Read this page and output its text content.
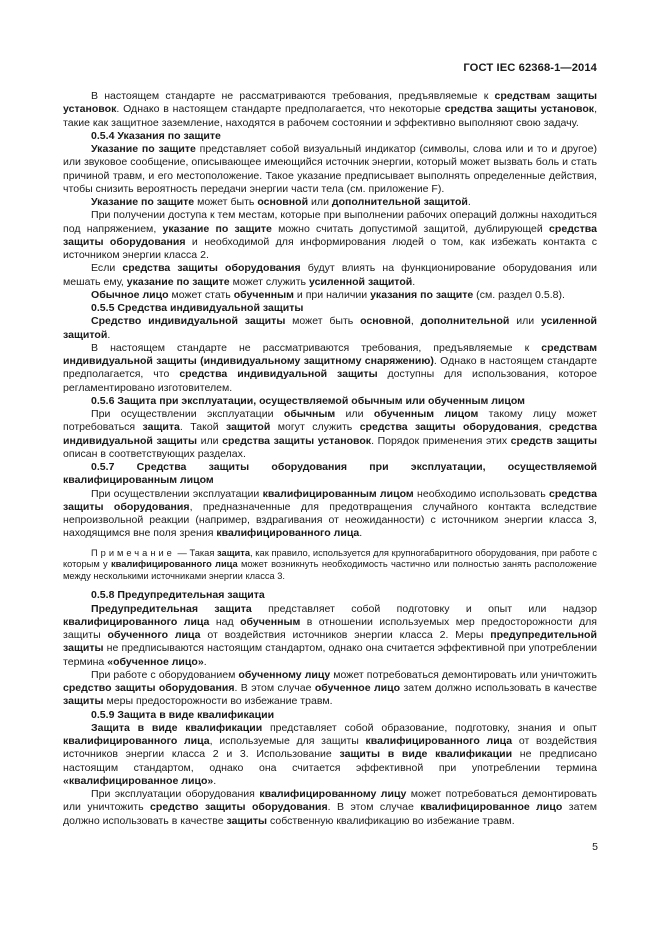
ГОСТ IEC 62368-1—2014

В настоящем стандарте не рассматриваются требования, предъявляемые к средствам защиты установок. Однако в настоящем стандарте предполагается, что некоторые средства защиты установок, такие как защитное заземление, находятся в рабочем состоянии и эффективно выполняют свою задачу.

0.5.4 Указания по защите

Указание по защите представляет собой визуальный индикатор (символы, слова или и то и другое) или звуковое сообщение, описывающее имеющийся источник энергии, который может вызвать боль и стать причиной травм, и его местоположение. Такое указание предписывает выполнять определенные действия, чтобы снизить вероятность передачи энергии части тела (см. приложение F).

Указание по защите может быть основной или дополнительной защитой.

При получении доступа к тем местам, которые при выполнении рабочих операций должны находиться под напряжением, указание по защите можно считать допустимой защитой, дублирующей средства защиты оборудования и необходимой для информирования людей о том, как избежать контакта с источником энергии класса 2.

Если средства защиты оборудования будут влиять на функционирование оборудования или мешать ему, указание по защите может служить усиленной защитой.

Обычное лицо может стать обученным и при наличии указания по защите (см. раздел 0.5.8).

0.5.5 Средства индивидуальной защиты

Средство индивидуальной защиты может быть основной, дополнительной или усиленной защитой.

В настоящем стандарте не рассматриваются требования, предъявляемые к средствам индивидуальной защиты (индивидуальному защитному снаряжению). Однако в настоящем стандарте предполагается, что средства индивидуальной защиты доступны для использования, которое регламентировано изготовителем.

0.5.6 Защита при эксплуатации, осуществляемой обычным или обученным лицом

При осуществлении эксплуатации обычным или обученным лицом такому лицу может потребоваться защита. Такой защитой могут служить средства защиты оборудования, средства индивидуальной защиты или средства защиты установок. Порядок применения этих средств защиты описан в соответствующих разделах.

0.5.7 Средства защиты оборудования при эксплуатации, осуществляемой квалифицированным лицом

При осуществлении эксплуатации квалифицированным лицом необходимо использовать средства защиты оборудования, предназначенные для предотвращения случайного контакта вследствие непроизвольной реакции (например, вздрагивания от неожиданности) с источником энергии класса 3, находящимся вне поля зрения квалифицированного лица.

Примечание — Такая защита, как правило, используется для крупногабаритного оборудования, при работе с которым у квалифицированного лица может возникнуть необходимость частично или полностью занять расположение между несколькими источниками энергии класса 3.

0.5.8 Предупредительная защита

Предупредительная защита представляет собой подготовку и опыт или надзор квалифицированного лица над обученным в отношении используемых мер предосторожности для защиты обученного лица от воздействия источников энергии класса 2. Меры предупредительной защиты не предписываются настоящим стандартом, однако она считается эффективной при употреблении термина «обученное лицо».

При работе с оборудованием обученному лицу может потребоваться демонтировать или уничтожить средство защиты оборудования. В этом случае обученное лицо затем должно использовать в качестве защиты меры предосторожности во избежание травм.

0.5.9 Защита в виде квалификации

Защита в виде квалификации представляет собой образование, подготовку, знания и опыт квалифицированного лица, используемые для защиты квалифицированного лица от воздействия источников энергии класса 2 и 3. Использование защиты в виде квалификации не предписано настоящим стандартом, однако она считается эффективной при употреблении термина «квалифицированное лицо».

При эксплуатации оборудования квалифицированному лицу может потребоваться демонтировать или уничтожить средство защиты оборудования. В этом случае квалифицированное лицо затем должно использовать в качестве защиты собственную квалификацию во избежание травм.

5
